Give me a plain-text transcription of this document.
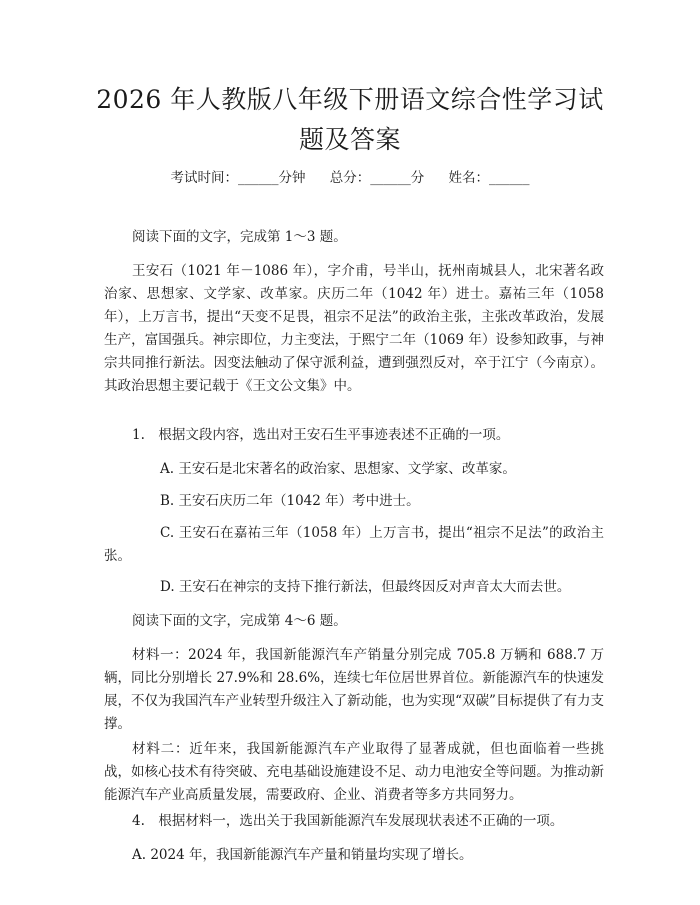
2026 年人教版八年级下册语文综合性学习试题及答案
考试时间：______分钟 总分：______分 姓名：______

阅读下面的文字，完成第 1～3 题。

王安石（1021 年－1086 年），字介甫，号半山，抚州南城县人，北宋著名政治家、思想家、文学家、改革家。庆历二年（1042 年）进士。嘉祐三年（1058 年），上万言书，提出“天变不足畏，祖宗不足法”的政治主张，主张改革政治，发展生产，富国强兵。神宗即位，力主变法，于熙宁二年（1069 年）设参知政事，与神宗共同推行新法。因变法触动了保守派利益，遭到强烈反对，卒于江宁（今南京）。其政治思想主要记载于《王文公文集》中。

1.　根据文段内容，选出对王安石生平事迹表述不正确的一项。

A. 王安石是北宋著名的政治家、思想家、文学家、改革家。

B. 王安石庆历二年（1042 年）考中进士。

C. 王安石在嘉祐三年（1058 年）上万言书，提出“祖宗不足法”的政治主张。

D. 王安石在神宗的支持下推行新法，但最终因反对声音太大而去世。

阅读下面的文字，完成第 4～6 题。

材料一：2024 年，我国新能源汽车产销量分别完成 705.8 万辆和 688.7 万辆，同比分别增长 27.9%和 28.6%，连续七年位居世界首位。新能源汽车的快速发展，不仅为我国汽车产业转型升级注入了新动能，也为实现“双碳”目标提供了有力支撑。

材料二：近年来，我国新能源汽车产业取得了显著成就，但也面临着一些挑战，如核心技术有待突破、充电基础设施建设不足、动力电池安全等问题。为推动新能源汽车产业高质量发展，需要政府、企业、消费者等多方共同努力。

4.　根据材料一，选出关于我国新能源汽车发展现状表述不正确的一项。

A. 2024 年，我国新能源汽车产量和销量均实现了增长。
